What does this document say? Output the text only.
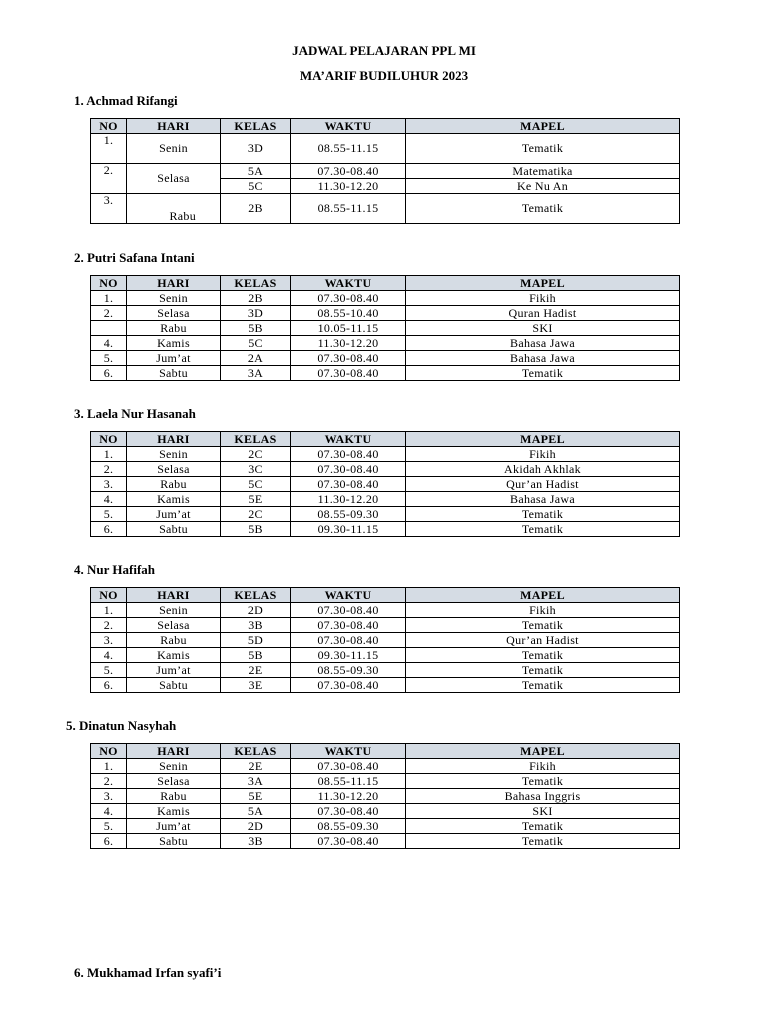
JADWAL PELAJARAN PPL MI
MA’ARIF BUDILUHUR 2023
1. Achmad Rifangi
NO	HARI	KELAS	WAKTU	MAPEL
1.	Senin	3D	08.55-11.15	Tematik
2.	Selasa	5A	07.30-08.40	Matematika
		5C	11.30-12.20	Ke Nu An
3.	Rabu	2B	08.55-11.15	Tematik
2. Putri Safana Intani
NO	HARI	KELAS	WAKTU	MAPEL
1.	Senin	2B	07.30-08.40	Fikih
2.	Selasa	3D	08.55-10.40	Quran Hadist
	Rabu	5B	10.05-11.15	SKI
4.	Kamis	5C	11.30-12.20	Bahasa Jawa
5.	Jum’at	2A	07.30-08.40	Bahasa Jawa
6.	Sabtu	3A	07.30-08.40	Tematik
3. Laela Nur Hasanah
NO	HARI	KELAS	WAKTU	MAPEL
1.	Senin	2C	07.30-08.40	Fikih
2.	Selasa	3C	07.30-08.40	Akidah Akhlak
3.	Rabu	5C	07.30-08.40	Qur’an Hadist
4.	Kamis	5E	11.30-12.20	Bahasa Jawa
5.	Jum’at	2C	08.55-09.30	Tematik
6.	Sabtu	5B	09.30-11.15	Tematik
4. Nur Hafifah
NO	HARI	KELAS	WAKTU	MAPEL
1.	Senin	2D	07.30-08.40	Fikih
2.	Selasa	3B	07.30-08.40	Tematik
3.	Rabu	5D	07.30-08.40	Qur’an Hadist
4.	Kamis	5B	09.30-11.15	Tematik
5.	Jum’at	2E	08.55-09.30	Tematik
6.	Sabtu	3E	07.30-08.40	Tematik
5. Dinatun Nasyhah
NO	HARI	KELAS	WAKTU	MAPEL
1.	Senin	2E	07.30-08.40	Fikih
2.	Selasa	3A	08.55-11.15	Tematik
3.	Rabu	5E	11.30-12.20	Bahasa Inggris
4.	Kamis	5A	07.30-08.40	SKI
5.	Jum’at	2D	08.55-09.30	Tematik
6.	Sabtu	3B	07.30-08.40	Tematik
6. Mukhamad Irfan syafi’i
